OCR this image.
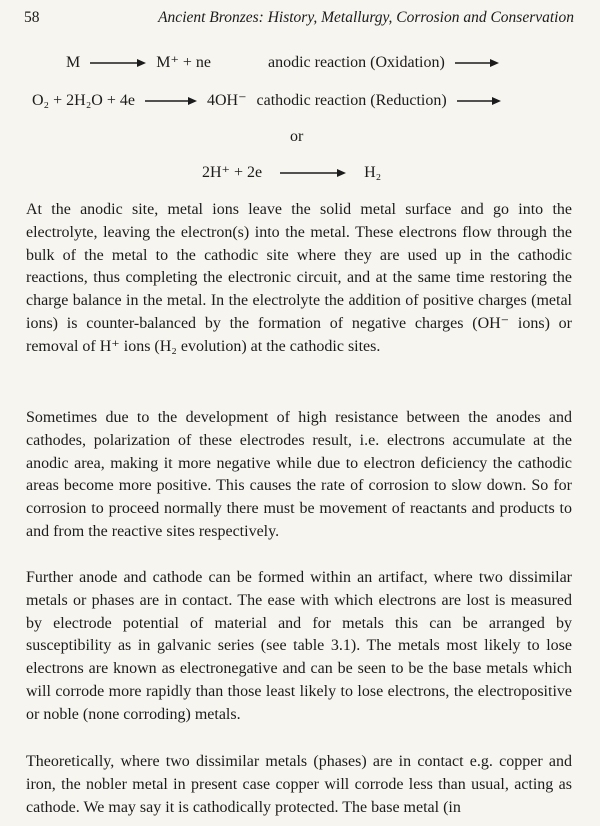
58	Ancient Bronzes: History, Metallurgy, Corrosion and Conservation
M → M⁺ + ne	anodic reaction (Oxidation) →
O₂ + 2H₂O + 4e → 4OH⁻ cathodic reaction (Reduction) →
or
2H⁺ + 2e	H₂

At the anodic site, metal ions leave the solid metal surface and go into the electrolyte, leaving the electron(s) into the metal. These electrons flow through the bulk of the metal to the cathodic site where they are used up in the cathodic reactions, thus completing the electronic circuit, and at the same time restoring the charge balance in the metal. In the electrolyte the addition of positive charges (metal ions) is counter-balanced by the formation of negative charges (OH⁻ ions) or removal of H⁺ ions (H₂ evolution) at the cathodic sites.

Sometimes due to the development of high resistance between the anodes and cathodes, polarization of these electrodes result, i.e. electrons accumulate at the anodic area, making it more negative while due to electron deficiency the cathodic areas become more positive. This causes the rate of corrosion to slow down. So for corrosion to proceed normally there must be movement of reactants and products to and from the reactive sites respectively.

Further anode and cathode can be formed within an artifact, where two dissimilar metals or phases are in contact. The ease with which electrons are lost is measured by electrode potential of material and for metals this can be arranged by susceptibility as in galvanic series (see table 3.1). The metals most likely to lose electrons are known as electronegative and can be seen to be the base metals which will corrode more rapidly than those least likely to lose electrons, the electropositive or noble (none corroding) metals.

Theoretically, where two dissimilar metals (phases) are in contact e.g. copper and iron, the nobler metal in present case copper will corrode less than usual, acting as cathode. We may say it is cathodically protected. The base metal (in
